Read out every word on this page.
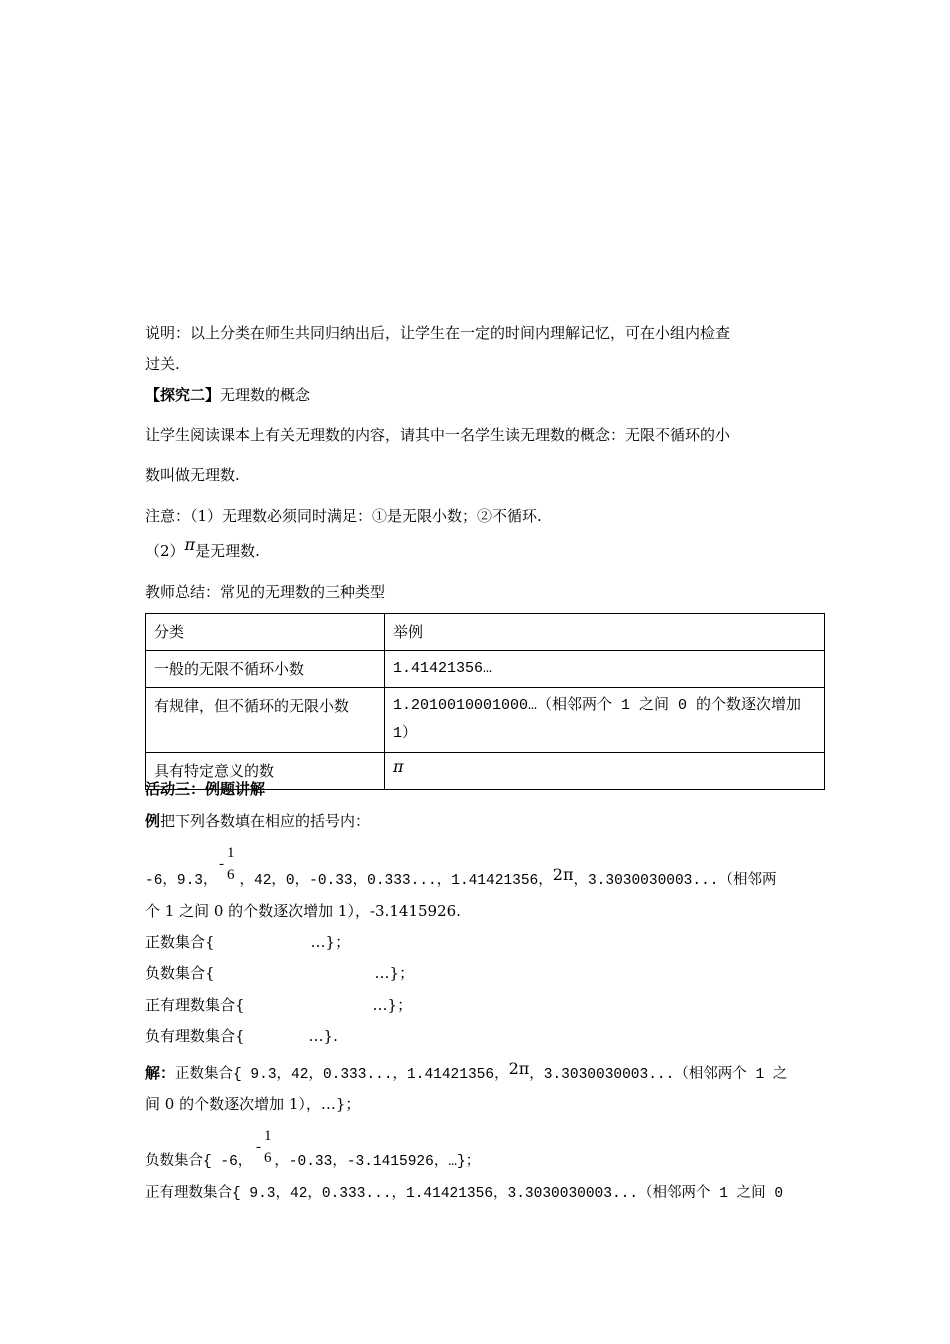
说明：以上分类在师生共同归纳出后，让学生在一定的时间内理解记忆，可在小组内检查
过关.
【探究二】无理数的概念
让学生阅读课本上有关无理数的内容，请其中一名学生读无理数的概念：无限不循环的小
数叫做无理数.
注意：（1）无理数必须同时满足：①是无限小数；②不循环.
（2）π是无理数.
教师总结：常见的无理数的三种类型
分类	举例
一般的无限不循环小数	1.41421356…
有规律，但不循环的无限小数	1.2010010001000…（相邻两个 1 之间 0 的个数逐次增加
1）
具有特定意义的数	π
活动三：例题讲解
例把下列各数填在相应的括号内：
-
1
6
-6，9.3， ，42，0，-0.33，0.333...，1.41421356，2π，3.3030030003...（相邻两
个 1 之间 0 的个数逐次增加 1），-3.1415926.
正数集合{	…}；
负数集合{	…}；
正有理数集合{	…}；
负有理数集合{	…}.
解：正数集合{ 9.3，42，0.333...，1.41421356，2π，3.3030030003...（相邻两个 1 之
间 0 的个数逐次增加 1），…}；
-
1
6
负数集合{ -6， ，-0.33，-3.1415926，…}；
正有理数集合{ 9.3，42，0.333...，1.41421356，3.3030030003...（相邻两个 1 之间 0
